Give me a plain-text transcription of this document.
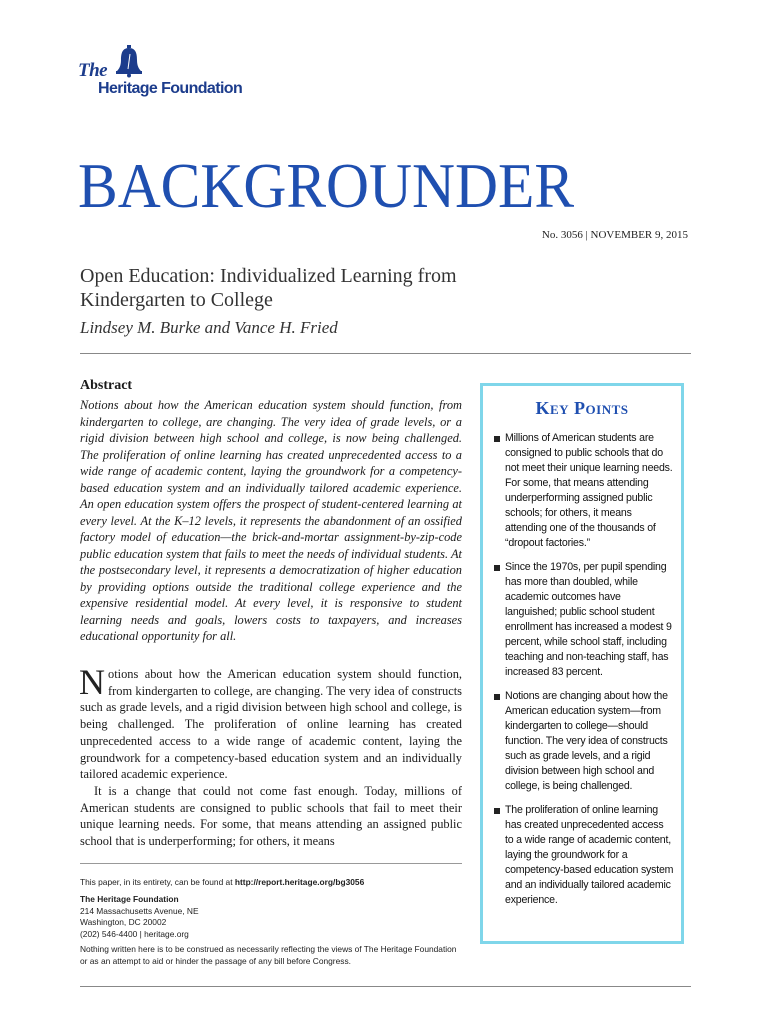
The
Heritage Foundation
BACKGROUNDER
No. 3056 | NOVEMBER 9, 2015
Open Education: Individualized Learning from Kindergarten to College
Lindsey M. Burke and Vance H. Fried
Abstract
Notions about how the American education system should function, from kindergarten to college, are changing. The very idea of grade levels, or a rigid division between high school and college, is now being challenged. The proliferation of online learning has created unprecedented access to a wide range of academic content, laying the groundwork for a competency-based education system and an individually tailored academic experience. An open education system offers the prospect of student-centered learning at every level. At the K–12 levels, it represents the abandonment of an ossified factory model of education—the brick-and-mortar assignment-by-zip-code public education system that fails to meet the needs of individual students. At the postsecondary level, it represents a democratization of higher education by providing options outside the traditional college experience and the expensive residential model. At every level, it is responsive to student learning needs and goals, lowers costs to taxpayers, and increases educational opportunity for all.

Notions about how the American education system should function, from kindergarten to college, are changing. The very idea of constructs such as grade levels, and a rigid division between high school and college, is being challenged. The proliferation of online learning has created unprecedented access to a wide range of academic content, laying the groundwork for a competency-based education system and an individually tailored academic experience.

It is a change that could not come fast enough. Today, millions of American students are consigned to public schools that fail to meet their unique learning needs. For some, that means attending an assigned public school that is underperforming; for others, it means

This paper, in its entirety, can be found at http://report.heritage.org/bg3056
The Heritage Foundation
214 Massachusetts Avenue, NE
Washington, DC 20002
(202) 546-4400 | heritage.org
Nothing written here is to be construed as necessarily reflecting the views of The Heritage Foundation or as an attempt to aid or hinder the passage of any bill before Congress.
Key Points
Millions of American students are consigned to public schools that do not meet their unique learning needs. For some, that means attending underperforming assigned public schools; for others, it means attending one of the thousands of “dropout factories.”
Since the 1970s, per pupil spending has more than doubled, while academic outcomes have languished; public school student enrollment has increased a modest 9 percent, while school staff, including teaching and non-teaching staff, has increased 83 percent.
Notions are changing about how the American education system—from kindergarten to college—should function. The very idea of constructs such as grade levels, and a rigid division between high school and college, is being challenged.
The proliferation of online learning has created unprecedented access to a wide range of academic content, laying the groundwork for a competency-based education system and an individually tailored academic experience.
